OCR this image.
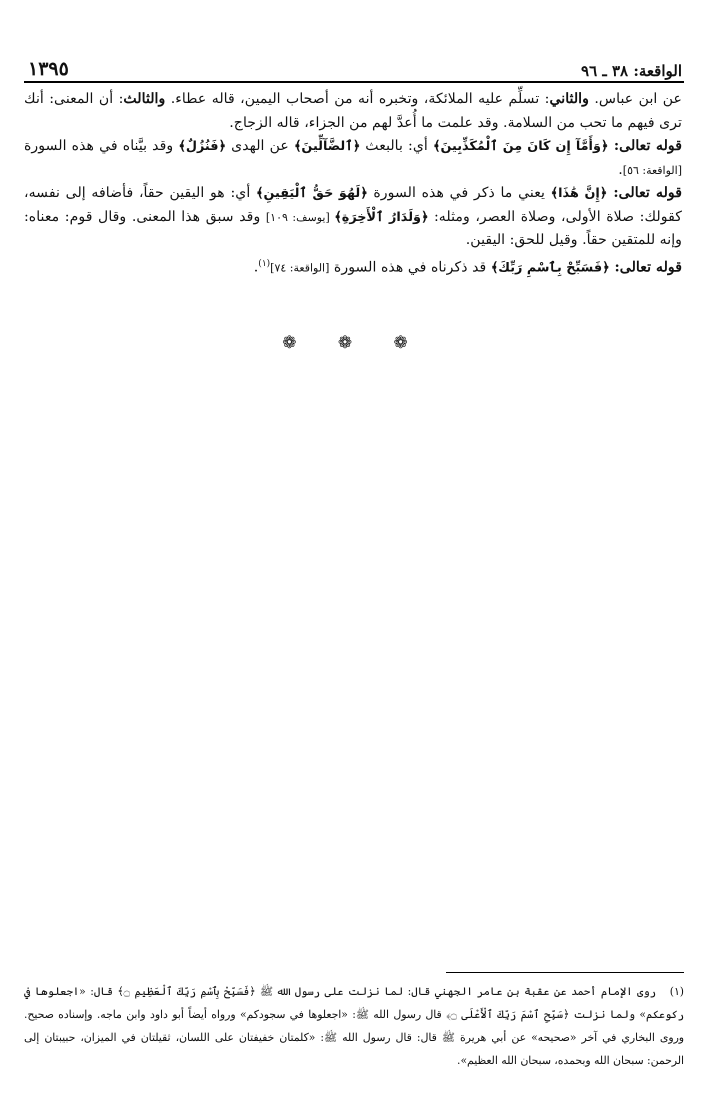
الواقعة: ٣٨ ـ ٩٦
١٣٩٥

عن ابن عباس. والثاني: تسلِّم عليه الملائكة، وتخبره أنه من أصحاب اليمين، قاله عطاء. والثالث: أن المعنى: أنك ترى فيهم ما تحب من السلامة. وقد علمت ما أُعدَّ لهم من الجزاء، قاله الزجاج.

قوله تعالى: ﴿وَأَمَّآ إِن كَانَ مِنَ ٱلْمُكَذِّبِينَ﴾ أي: بالبعث ﴿ٱلضَّآلِّينَ﴾ عن الهدى ﴿فَنُزُلٌ﴾ وقد بيَّناه في هذه السورة [الواقعة: ٥٦].

قوله تعالى: ﴿إِنَّ هَٰذَا﴾ يعني ما ذكر في هذه السورة ﴿لَهُوَ حَقُّ ٱلْيَقِينِ﴾ أي: هو اليقين حقاً، فأضافه إلى نفسه، كقولك: صلاة الأولى، وصلاة العصر، ومثله: ﴿وَلَدَارُ ٱلْأَخِرَةِ﴾ [يوسف: ١٠٩] وقد سبق هذا المعنى. وقال قوم: معناه: وإنه للمتقين حقاً. وقيل للحق: اليقين.

قوله تعالى: ﴿فَسَبِّحْ بِٱسْمِ رَبِّكَ﴾ قد ذكرناه في هذه السورة [الواقعة: ٧٤]$^{(١)}$.

❁ ❁ ❁
(١)روى الإمام أحمد عن عقبة بن عامر الجهني قال: لما نزلت على رسول الله ﷺ ﴿فَسَبِّحْ بِٱسْمِ رَبِّكَ ٱلْعَظِيمِ ۝﴾ قال: «اجعلوها في ركوعكم» ولما نزلت ﴿سَبِّحِ ٱسْمَ رَبِّكَ ٱلْأَعْلَى ۝﴾ قال رسول الله ﷺ: «اجعلوها في سجودكم» ورواه أيضاً أبو داود وابن ماجه. وإسناده صحيح. وروى البخاري في آخر «صحيحه» عن أبي هريرة ﷺ قال: قال رسول الله ﷺ: «كلمتان خفيفتان على اللسان، ثقيلتان في الميزان، حبيبتان إلى الرحمن: سبحان الله وبحمده، سبحان الله العظيم».
